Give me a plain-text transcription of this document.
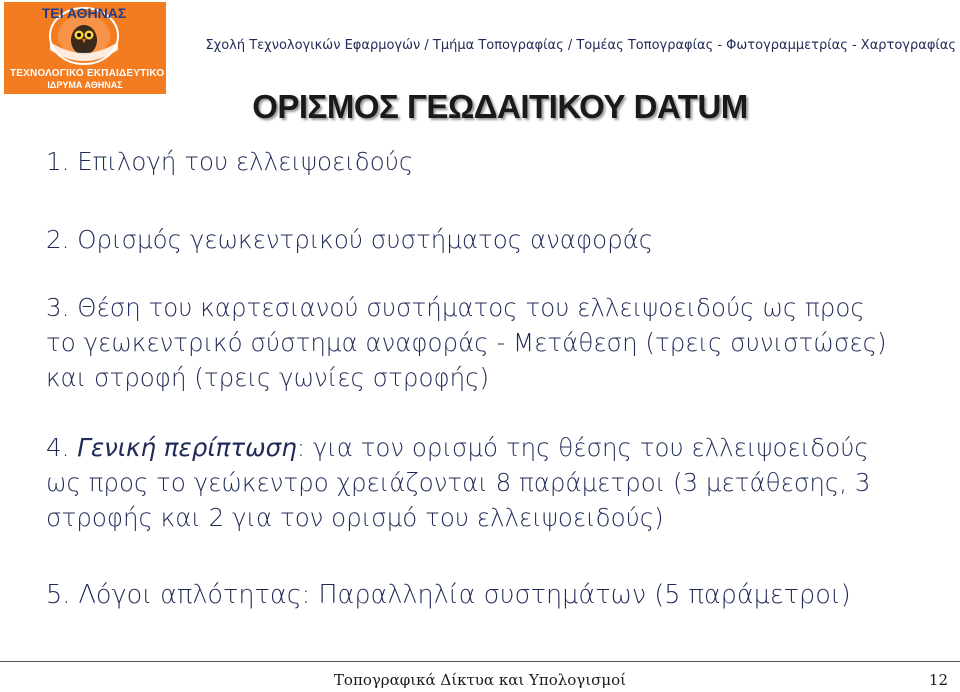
ΤΕΙ ΑΘΗΝΑΣ
ΤΕΧΝΟΛΟΓΙΚΟ ΕΚΠΑΙΔΕΥΤΙΚΟ
ΙΔΡΥΜΑ ΑΘΗΝΑΣ
Σχολή Τεχνολογικών Εφαρμογών / Τμήμα Τοπογραφίας / Τομέας Τοπογραφίας - Φωτογραμμετρίας - Χαρτογραφίας
ΟΡΙΣΜΟΣ ΓΕΩΔΑΙΤΙΚΟΥ DATUM
1. Επιλογή του ελλειψοειδούς
2. Ορισμός γεωκεντρικού συστήματος αναφοράς
3. Θέση του καρτεσιανού συστήματος του ελλειψοειδούς ως προς
το γεωκεντρικό σύστημα αναφοράς - Μετάθεση (τρεις συνιστώσες)
και στροφή (τρεις γωνίες στροφής)
4. Γενική περίπτωση: για τον ορισμό της θέσης του ελλειψοειδούς
ως προς το γεώκεντρο χρειάζονται 8 παράμετροι (3 μετάθεσης, 3
στροφής και 2 για τον ορισμό του ελλειψοειδούς)
5. Λόγοι απλότητας: Παραλληλία συστημάτων (5 παράμετροι)
Τοπογραφικά Δίκτυα και Υπολογισμοί	12
